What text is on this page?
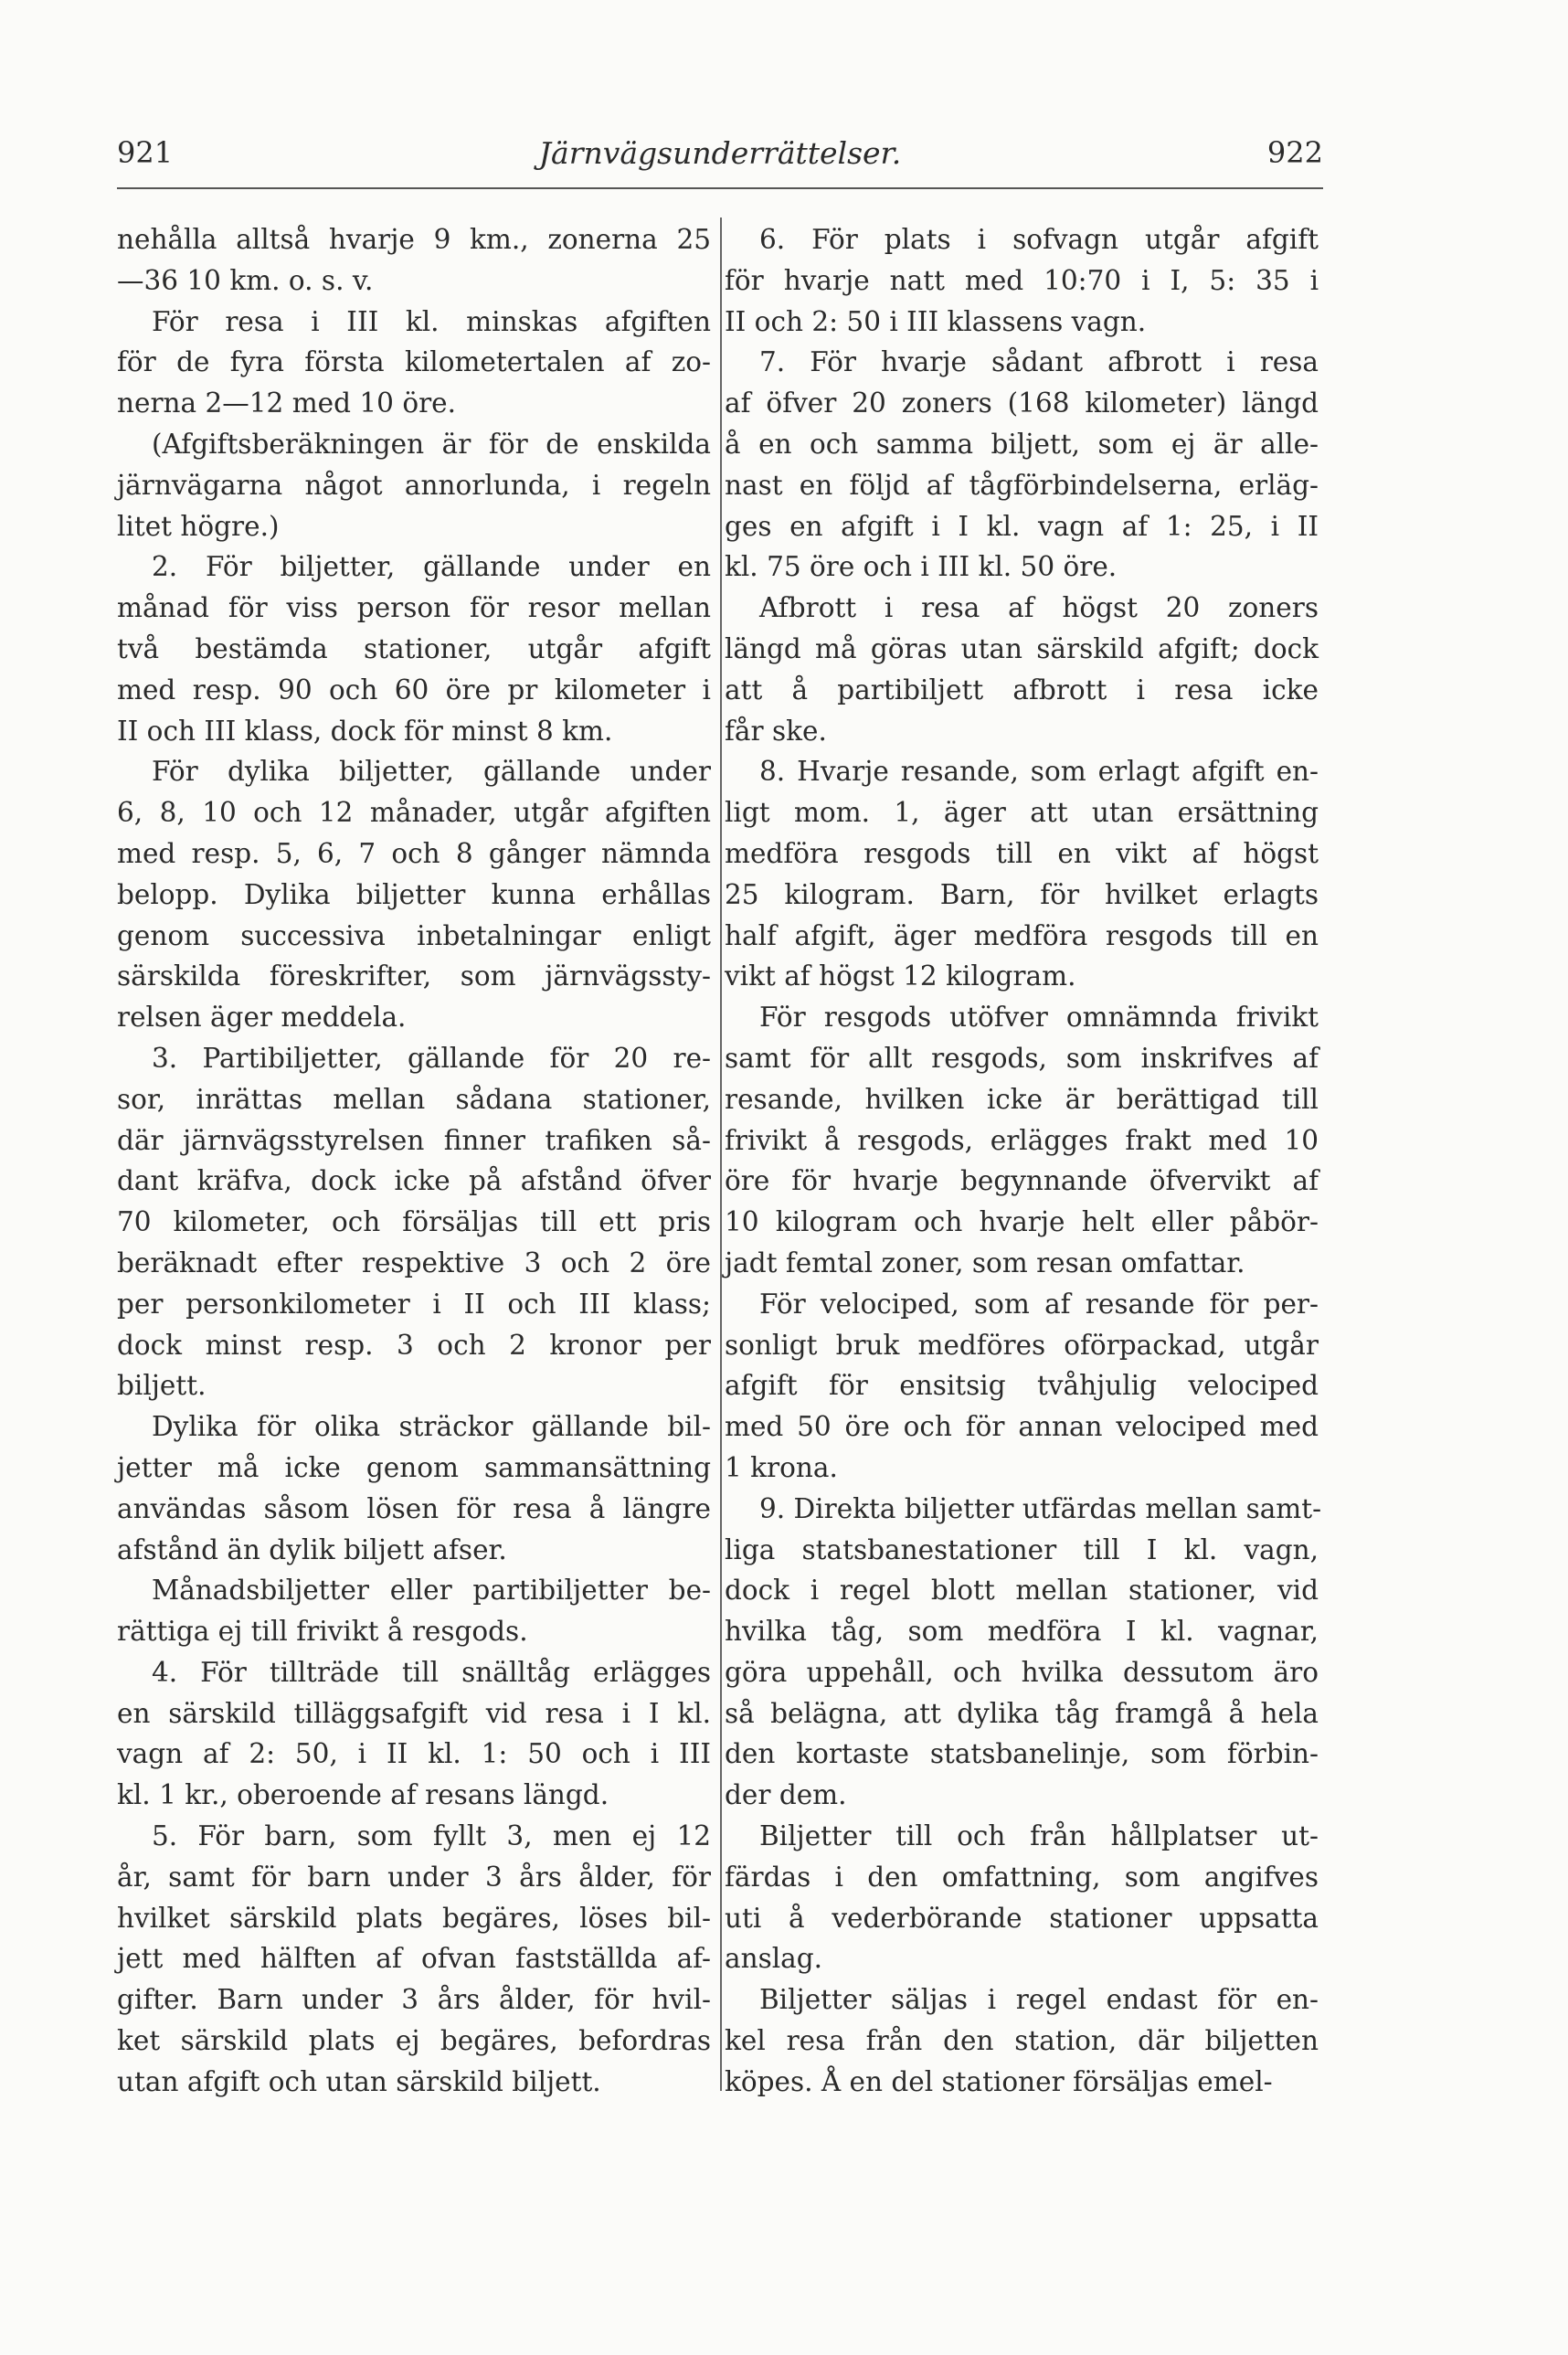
921	Järnvägsunderrättelser.	922
nehålla alltså hvarje 9 km., zonerna 25
—36 10 km. o. s. v.
För resa i III kl. minskas afgiften
för de fyra första kilometertalen af zo-
nerna 2—12 med 10 öre.
(Afgiftsberäkningen är för de enskilda
järnvägarna något annorlunda, i regeln
litet högre.)
2. För biljetter, gällande under en
månad för viss person för resor mellan
två bestämda stationer, utgår afgift
med resp. 90 och 60 öre pr kilometer i
II och III klass, dock för minst 8 km.
För dylika biljetter, gällande under
6, 8, 10 och 12 månader, utgår afgiften
med resp. 5, 6, 7 och 8 gånger nämnda
belopp. Dylika biljetter kunna erhållas
genom successiva inbetalningar enligt
särskilda föreskrifter, som järnvägssty-
relsen äger meddela.
3. Partibiljetter, gällande för 20 re-
sor, inrättas mellan sådana stationer,
där järnvägsstyrelsen finner trafiken så-
dant kräfva, dock icke på afstånd öfver
70 kilometer, och försäljas till ett pris
beräknadt efter respektive 3 och 2 öre
per personkilometer i II och III klass;
dock minst resp. 3 och 2 kronor per
biljett.
Dylika för olika sträckor gällande bil-
jetter må icke genom sammansättning
användas såsom lösen för resa å längre
afstånd än dylik biljett afser.
Månadsbiljetter eller partibiljetter be-
rättiga ej till frivikt å resgods.
4. För tillträde till snälltåg erlägges
en särskild tilläggsafgift vid resa i I kl.
vagn af 2: 50, i II kl. 1: 50 och i III
kl. 1 kr., oberoende af resans längd.
5. För barn, som fyllt 3, men ej 12
år, samt för barn under 3 års ålder, för
hvilket särskild plats begäres, löses bil-
jett med hälften af ofvan fastställda af-
gifter. Barn under 3 års ålder, för hvil-
ket särskild plats ej begäres, befordras
utan afgift och utan särskild biljett.
6. För plats i sofvagn utgår afgift
för hvarje natt med 10:70 i I, 5: 35 i
II och 2: 50 i III klassens vagn.
7. För hvarje sådant afbrott i resa
af öfver 20 zoners (168 kilometer) längd
å en och samma biljett, som ej är alle-
nast en följd af tågförbindelserna, erläg-
ges en afgift i I kl. vagn af 1: 25, i II
kl. 75 öre och i III kl. 50 öre.
Afbrott i resa af högst 20 zoners
längd må göras utan särskild afgift; dock
att å partibiljett afbrott i resa icke
får ske.
8. Hvarje resande, som erlagt afgift en-
ligt mom. 1, äger att utan ersättning
medföra resgods till en vikt af högst
25 kilogram. Barn, för hvilket erlagts
half afgift, äger medföra resgods till en
vikt af högst 12 kilogram.
För resgods utöfver omnämnda frivikt
samt för allt resgods, som inskrifves af
resande, hvilken icke är berättigad till
frivikt å resgods, erlägges frakt med 10
öre för hvarje begynnande öfvervikt af
10 kilogram och hvarje helt eller påbör-
jadt femtal zoner, som resan omfattar.
För velociped, som af resande för per-
sonligt bruk medföres oförpackad, utgår
afgift för ensitsig tvåhjulig velociped
med 50 öre och för annan velociped med
1 krona.
9. Direkta biljetter utfärdas mellan samt-
liga statsbanestationer till I kl. vagn,
dock i regel blott mellan stationer, vid
hvilka tåg, som medföra I kl. vagnar,
göra uppehåll, och hvilka dessutom äro
så belägna, att dylika tåg framgå å hela
den kortaste statsbanelinje, som förbin-
der dem.
Biljetter till och från hållplatser ut-
färdas i den omfattning, som angifves
uti å vederbörande stationer uppsatta
anslag.
Biljetter säljas i regel endast för en-
kel resa från den station, där biljetten
köpes. Å en del stationer försäljas emel-
